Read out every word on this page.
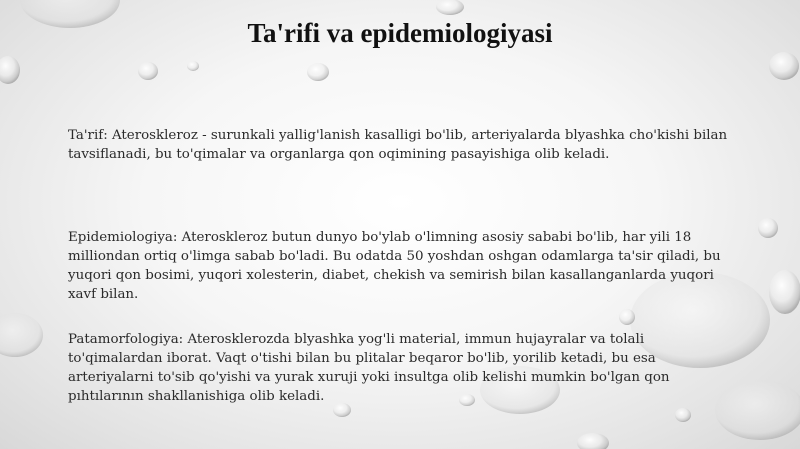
Ta'rifi va epidemiologiyasi

Ta'rif: Ateroskleroz - surunkali yallig'lanish kasalligi bo'lib, arteriyalarda blyashka cho'kishi bilan tavsiflanadi, bu to'qimalar va organlarga qon oqimining pasayishiga olib keladi.

Epidemiologiya: Ateroskleroz butun dunyo bo'ylab o'limning asosiy sababi bo'lib, har yili 18 milliondan ortiq o'limga sabab bo'ladi. Bu odatda 50 yoshdan oshgan odamlarga ta'sir qiladi, bu yuqori qon bosimi, yuqori xolesterin, diabet, chekish va semirish bilan kasallanganlarda yuqori xavf bilan.

Patamorfologiya: Aterosklerozda blyashka yog'li material, immun hujayralar va tolali to'qimalardan iborat. Vaqt o'tishi bilan bu plitalar beqaror bo'lib, yorilib ketadi, bu esa arteriyalarni to'sib qo'yishi va yurak xuruji yoki insultga olib kelishi mumkin bo'lgan qon pıhtılarının shakllanishiga olib keladi.
